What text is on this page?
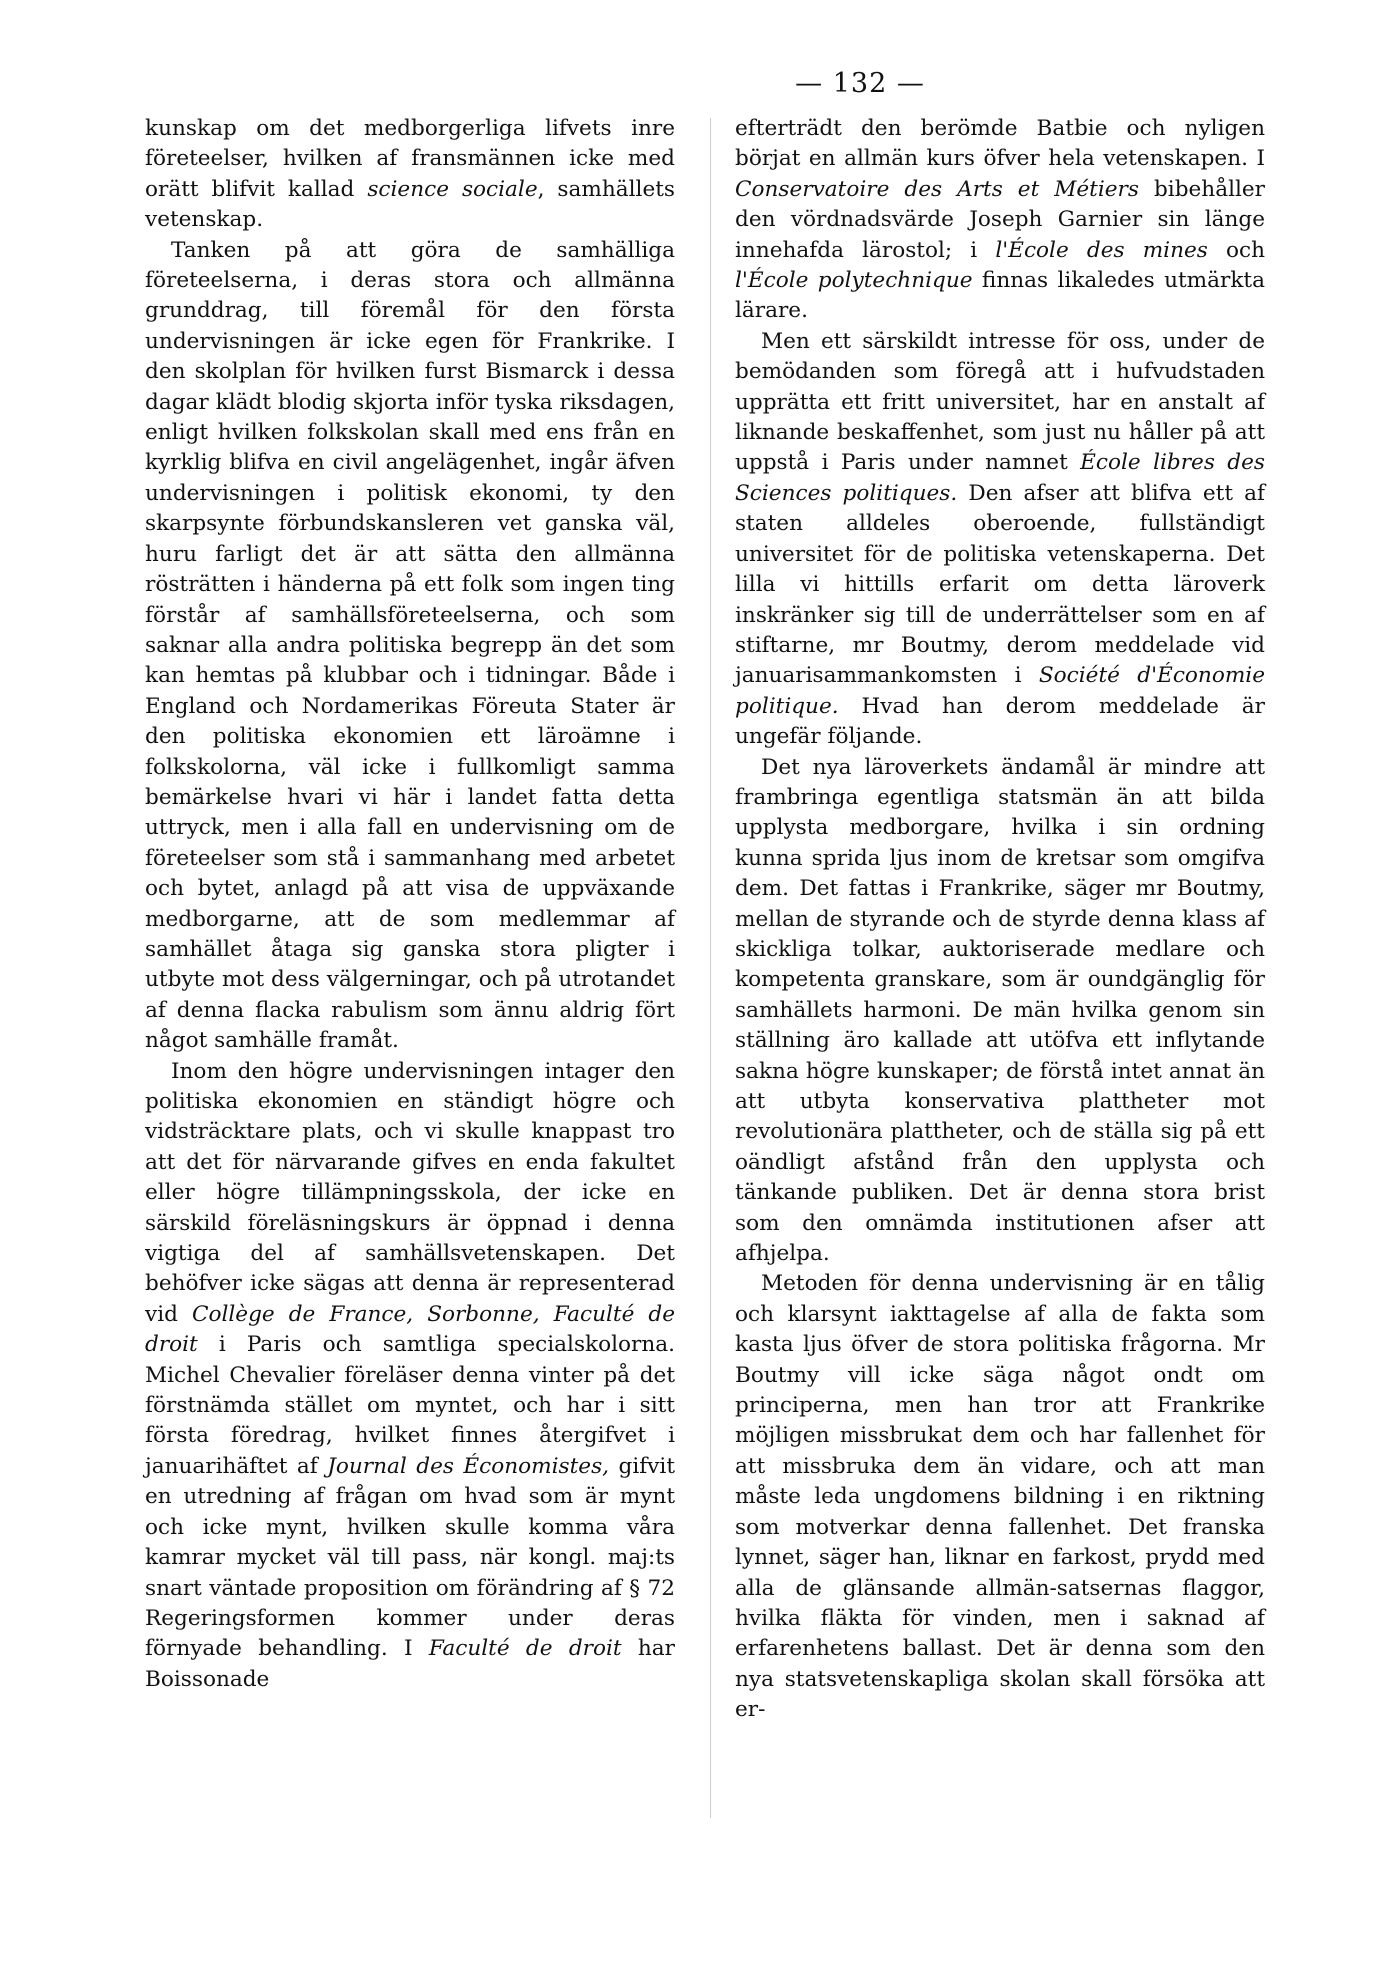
— 132 —

kunskap om det medborgerliga lifvets inre företeelser, hvilken af fransmännen icke med orätt blifvit kallad science sociale, samhällets vetenskap.

Tanken på att göra de samhälliga företeelserna, i deras stora och allmänna grunddrag, till föremål för den första undervisningen är icke egen för Frankrike. I den skolplan för hvilken furst Bismarck i dessa dagar klädt blodig skjorta inför tyska riksdagen, enligt hvilken folkskolan skall med ens från en kyrklig blifva en civil angelägenhet, ingår äfven undervisningen i politisk ekonomi, ty den skarpsynte förbundskansleren vet ganska väl, huru farligt det är att sätta den allmänna rösträtten i händerna på ett folk som ingen ting förstår af samhällsföreteelserna, och som saknar alla andra politiska begrepp än det som kan hemtas på klubbar och i tidningar. Både i England och Nordamerikas Föreuta Stater är den politiska ekonomien ett läroämne i folkskolorna, väl icke i fullkomligt samma bemärkelse hvari vi här i landet fatta detta uttryck, men i alla fall en undervisning om de företeelser som stå i sammanhang med arbetet och bytet, anlagd på att visa de uppväxande medborgarne, att de som medlemmar af samhället åtaga sig ganska stora pligter i utbyte mot dess välgerningar, och på utrotandet af denna flacka rabulism som ännu aldrig fört något samhälle framåt.

Inom den högre undervisningen intager den politiska ekonomien en ständigt högre och vidsträcktare plats, och vi skulle knappast tro att det för närvarande gifves en enda fakultet eller högre tillämpningsskola, der icke en särskild föreläsningskurs är öppnad i denna vigtiga del af samhällsvetenskapen. Det behöfver icke sägas att denna är representerad vid Collège de France, Sorbonne, Faculté de droit i Paris och samtliga specialskolorna. Michel Chevalier föreläser denna vinter på det förstnämda stället om myntet, och har i sitt första föredrag, hvilket finnes återgifvet i januarihäftet af Journal des Économistes, gifvit en utredning af frågan om hvad som är mynt och icke mynt, hvilken skulle komma våra kamrar mycket väl till pass, när kongl. maj:ts snart väntade proposition om förändring af § 72 Regeringsformen kommer under deras förnyade behandling. I Faculté de droit har Boissonade

efterträdt den berömde Batbie och nyligen börjat en allmän kurs öfver hela vetenskapen. I Conservatoire des Arts et Métiers bibehåller den vördnadsvärde Joseph Garnier sin länge innehafda lärostol; i l'École des mines och l'École polytechnique finnas likaledes utmärkta lärare.

Men ett särskildt intresse för oss, under de bemödanden som föregå att i hufvudstaden upprätta ett fritt universitet, har en anstalt af liknande beskaffenhet, som just nu håller på att uppstå i Paris under namnet École libres des Sciences politiques. Den afser att blifva ett af staten alldeles oberoende, fullständigt universitet för de politiska vetenskaperna. Det lilla vi hittills erfarit om detta läroverk inskränker sig till de underrättelser som en af stiftarne, mr Boutmy, derom meddelade vid januarisammankomsten i Société d'Économie politique. Hvad han derom meddelade är ungefär följande.

Det nya läroverkets ändamål är mindre att frambringa egentliga statsmän än att bilda upplysta medborgare, hvilka i sin ordning kunna sprida ljus inom de kretsar som omgifva dem. Det fattas i Frankrike, säger mr Boutmy, mellan de styrande och de styrde denna klass af skickliga tolkar, auktoriserade medlare och kompetenta granskare, som är oundgänglig för samhällets harmoni. De män hvilka genom sin ställning äro kallade att utöfva ett inflytande sakna högre kunskaper; de förstå intet annat än att utbyta konservativa plattheter mot revolutionära plattheter, och de ställa sig på ett oändligt afstånd från den upplysta och tänkande publiken. Det är denna stora brist som den omnämda institutionen afser att afhjelpa.

Metoden för denna undervisning är en tålig och klarsynt iakttagelse af alla de fakta som kasta ljus öfver de stora politiska frågorna. Mr Boutmy vill icke säga något ondt om principerna, men han tror att Frankrike möjligen missbrukat dem och har fallenhet för att missbruka dem än vidare, och att man måste leda ungdomens bildning i en riktning som motverkar denna fallenhet. Det franska lynnet, säger han, liknar en farkost, prydd med alla de glänsande allmän-satsernas flaggor, hvilka fläkta för vinden, men i saknad af erfarenhetens ballast. Det är denna som den nya statsvetenskapliga skolan skall försöka att er-
